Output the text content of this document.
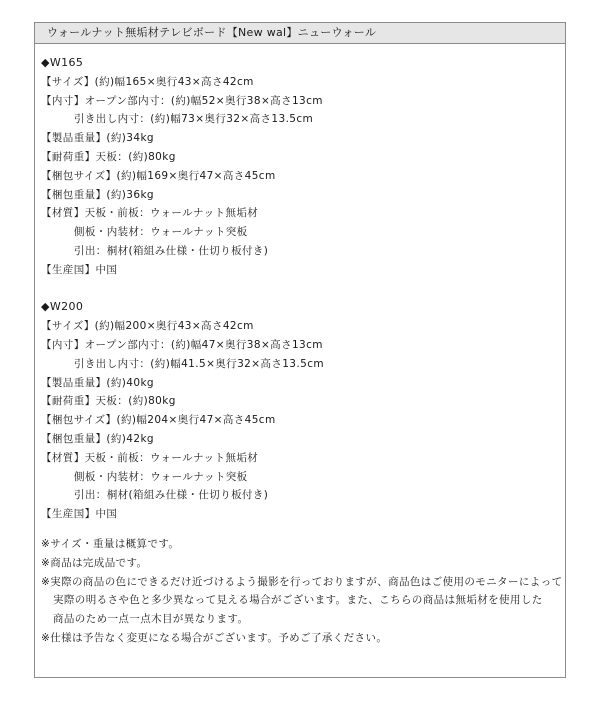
ウォールナット無垢材テレビボード【New wal】ニューウォール
◆W165
【サイズ】(約)幅165×奥行43×高さ42cm
【内寸】オープン部内寸：(約)幅52×奥行38×高さ13cm
引き出し内寸：(約)幅73×奥行32×高さ13.5cm
【製品重量】(約)34kg
【耐荷重】天板：(約)80kg
【梱包サイズ】(約)幅169×奥行47×高さ45cm
【梱包重量】(約)36kg
【材質】天板・前板：ウォールナット無垢材
側板・内装材：ウォールナット突板
引出：桐材(箱組み仕様・仕切り板付き)
【生産国】中国
◆W200
【サイズ】(約)幅200×奥行43×高さ42cm
【内寸】オープン部内寸：(約)幅47×奥行38×高さ13cm
引き出し内寸：(約)幅41.5×奥行32×高さ13.5cm
【製品重量】(約)40kg
【耐荷重】天板：(約)80kg
【梱包サイズ】(約)幅204×奥行47×高さ45cm
【梱包重量】(約)42kg
【材質】天板・前板：ウォールナット無垢材
側板・内装材：ウォールナット突板
引出：桐材(箱組み仕様・仕切り板付き)
【生産国】中国
※サイズ・重量は概算です。
※商品は完成品です。
※実際の商品の色にできるだけ近づけるよう撮影を行っておりますが、商品色はご使用のモニターによって
実際の明るさや色と多少異なって見える場合がございます。また、こちらの商品は無垢材を使用した
商品のため一点一点木目が異なります。
※仕様は予告なく変更になる場合がございます。予めご了承ください。
